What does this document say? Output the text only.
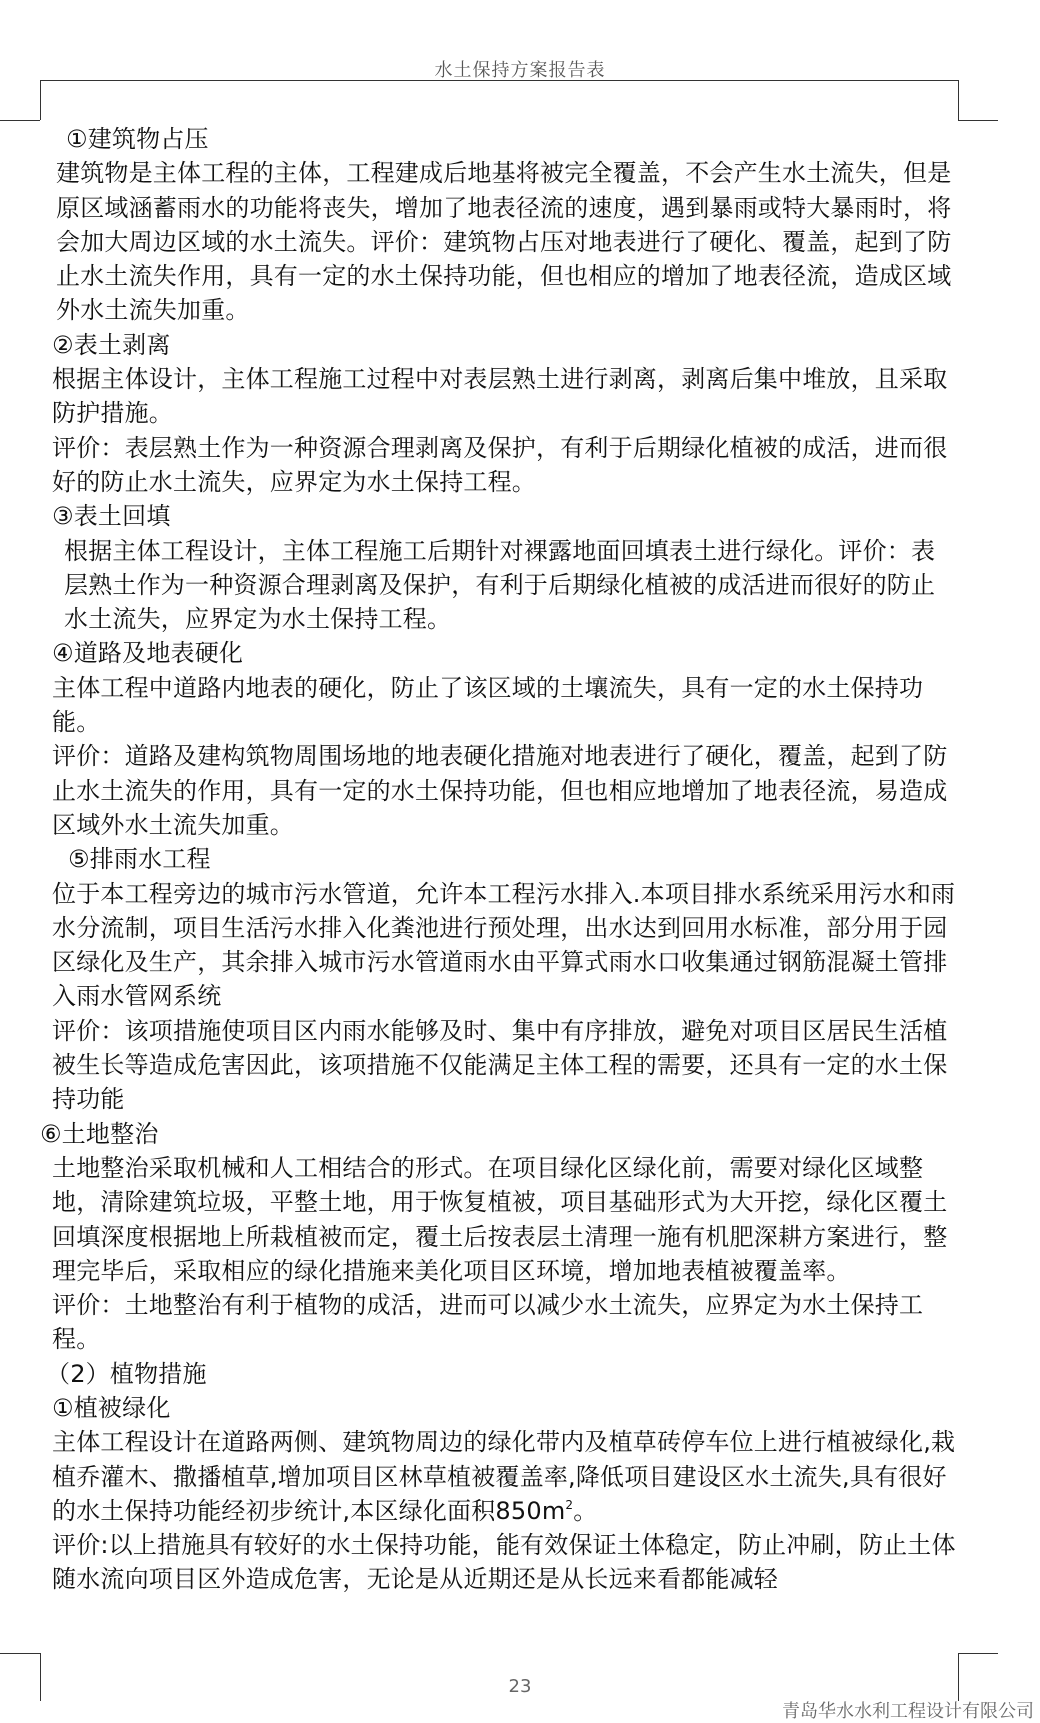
水土保持方案报告表

①建筑物占压

建筑物是主体工程的主体，工程建成后地基将被完全覆盖，不会产生水土流失，但是原区域涵蓄雨水的功能将丧失，增加了地表径流的速度，遇到暴雨或特大暴雨时，将会加大周边区域的水土流失。评价：建筑物占压对地表进行了硬化、覆盖，起到了防止水土流失作用，具有一定的水土保持功能，但也相应的增加了地表径流，造成区域外水土流失加重。

②表土剥离

根据主体设计，主体工程施工过程中对表层熟土进行剥离，剥离后集中堆放，且采取防护措施。

评价：表层熟土作为一种资源合理剥离及保护，有利于后期绿化植被的成活，进而很好的防止水土流失，应界定为水土保持工程。

③表土回填

根据主体工程设计，主体工程施工后期针对裸露地面回填表土进行绿化。评价：表层熟土作为一种资源合理剥离及保护，有利于后期绿化植被的成活进而很好的防止水土流失，应界定为水土保持工程。

④道路及地表硬化

主体工程中道路内地表的硬化，防止了该区域的土壤流失，具有一定的水土保持功能。

评价：道路及建构筑物周围场地的地表硬化措施对地表进行了硬化，覆盖，起到了防止水土流失的作用，具有一定的水土保持功能，但也相应地增加了地表径流，易造成区域外水土流失加重。

⑤排雨水工程

位于本工程旁边的城市污水管道，允许本工程污水排入.本项目排水系统采用污水和雨水分流制，项目生活污水排入化粪池进行预处理，出水达到回用水标准，部分用于园区绿化及生产，其余排入城市污水管道雨水由平算式雨水口收集通过钢筋混凝土管排入雨水管网系统

评价：该项措施使项目区内雨水能够及时、集中有序排放，避免对项目区居民生活植被生长等造成危害因此，该项措施不仅能满足主体工程的需要，还具有一定的水土保持功能

⑥土地整治

土地整治采取机械和人工相结合的形式。在项目绿化区绿化前，需要对绿化区域整地，清除建筑垃圾，平整土地，用于恢复植被，项目基础形式为大开挖，绿化区覆土回填深度根据地上所栽植被而定，覆土后按表层土清理一施有机肥深耕方案进行，整理完毕后，采取相应的绿化措施来美化项目区环境，增加地表植被覆盖率。

评价：土地整治有利于植物的成活，进而可以减少水土流失，应界定为水土保持工程。

（2）植物措施

①植被绿化

主体工程设计在道路两侧、建筑物周边的绿化带内及植草砖停车位上进行植被绿化,栽植乔灌木、撒播植草,增加项目区林草植被覆盖率,降低项目建设区水土流失,具有很好的水土保持功能经初步统计,本区绿化面积$850m^2$。

评价:以上措施具有较好的水土保持功能，能有效保证土体稳定，防止冲刷，防止土体随水流向项目区外造成危害，无论是从近期还是从长远来看都能减轻

23
青岛华水水利工程设计有限公司
